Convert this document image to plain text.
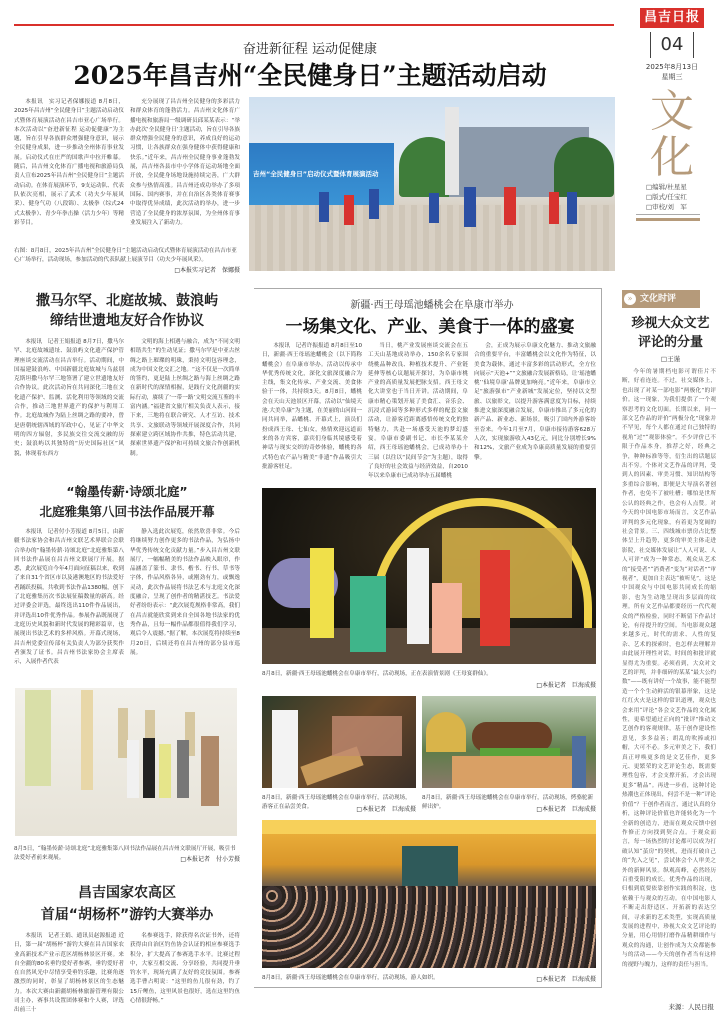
昌吉日报
04
2025年8月13日
星期三
文
化
□编辑/杜星星
□版式/任宝红
□审校/刘　军
奋进新征程 运动促健康
2025年昌吉州“全民健身日”主题活动启动
本报讯　实习记者保娜报道 8月8日，2025年昌吉州“全民健身日”主题活动启动仪式暨体育展演活动在昌吉市亚心广场举行。本次活动以“奋进新征程 运动促健康”为主题，旨在引导各族群众增强健身意识，展示全民健身成果，进一步推动全州体育事业发展。启动仪式在庄严的国歌声中拉开帷幕。随后，昌吉州文化体育广播电视和旅游局负责人宣布2025年昌吉州“全民健身日”主题活动启动。在体育展演环节，9支运动队、代表队依次亮相，展示了武术（功夫少年展风采）、健身气功（八段锦）、太极拳（综式24式太极拳）、青少年拳击操（活力少年）等精彩节目。
充分展现了昌吉州全民健身的多彩活力和群众体育的蓬勃活力。昌吉州文化体育广播电视和旅游局一级调研员邱某某表示：“举办此次‘全民健身日’主题活动，旨在引导各族群众增强全民健身的意识，养成良好的运动习惯，让各族群众在强身健体中获得健康和快乐。”近年来，昌吉州全民健身事业蓬勃发展，昌吉州各县市中小学体育运动场地全面开放，全民健身场地设施持续完善，广大群众参与热情高涨。昌吉州还成功举办了多项国际、国内赛事，并在自治区各类体育赛事中取得优异成绩，此次活动的举办，进一步营造了全民健身的浓厚氛围，为全州体育事业发展注入了新动力。
右图：8月8日，2025年昌吉州“全民健身日”主题活动启动仪式暨体育展演活动在昌吉市亚心广场举行，活动现场，参加活动的代表队献上展演节目（功夫少年展风采）。
□本报实习记者　保娜摄
吉州“全民健身日”启动仪式暨体育展演活动
撒马尔罕、北庭故城、鼓浪屿
缔结世遗地友好合作协议
本报讯　记者王娟报道 8月7日，撒马尔罕、北庭故城遗址、鼓浪屿文化遗产保护管理座谈交流活动在昌吉举行。活动期间，中国福建鼓浪屿、中国新疆北庭故城与乌兹别克斯坦撒马尔罕三地签署了建立世遗地友好合作协议。此次活动旨在共同深化三地在文化遗产保护、监测、活化利用等领域的交流合作，推动三地世界遗产的保护与利用工作。北庭故城作为陆上丝绸之路的要冲，曾是唐朝统辖西域的军政中心，见证了中华文明的四方辐射，多民族交往交流交融的历史；鼓浪屿以其独特的“历史国际社区”风貌，体现着东西方
文明的海上相遇与融合，成为“不同文明相谐共生”的生动见证；撒马尔罕是中亚古丝绸之路上璀璨的明珠，秉持文明包容理念，成为中国文化交汇之地。“这不仅是一次简单的签约，更是陆上丝绸之路与海上丝绸之路在新时代的深情相握，是践行文化润疆的实际行动，赓续了‘一带一路’文明交流互鉴的丰富内涵。”福建省文旅厅相关负责人表示，接下来，三地将在联合研究、人才互访、技术共享、文旅联动等领域开展深度合作，共同探索建立跨区域协作共推，特色活动共建，探索世界遗产保护和可持续文旅合作创新机制。
“翰墨传薪·诗颂北庭”
北庭雅集第八回书法作品展开幕
本报讯　记者付小芳报道 8月5日，由新疆书法家协会和昌吉州文联艺术界联合会联合举办的“翰墨传薪·诗颂北庭”北庭雅集第八回书法作品展在昌吉州文联展厅开展。据悉，此次展览自今年4月面向征稿以来，收到了来自31个省区市以及港澳地区的书法爱好者踊跃投稿，共收到书法作品1380幅，创下了北庭雅集历次书法展征稿数量的新高。经过评委会评选，最终选出110件作品展出，并评选出10件优秀作品。参展作品既展现了北庭历史风貌和新时代发展的精彩篇章，也展现出书法艺术的多样风格。开幕式现场，昌吉州党委宣传部有关负责人为部分获奖作者颁发了证书。昌吉州书法家协会主席表示，入展作者代表
静入选此次展览，依然欣喜非常。今后将继续努力创作更多的书法作品，为弘扬中华优秀传统文化贡献力量。”步入昌吉州文联展厅，一幅幅精美的书法作品映入眼帘，作品涵盖了篆书、隶书、楷书、行书、草书等字体，作品风格各异，或刚劲有力，或飘逸灵动，此次作品展将书法艺术与北庭文化深度融合，呈现了创作者的精湛技艺。书法爱好者纷纷表示：“此次展览规格非常高，我们在昌吉就能欣赏到来自全国各地书法家的优秀作品，且每一幅作品都很值得我们学习，观后令人震撼。”据了解，本次展览将持续至8月20日，后续还将在昌吉州的部分县市巡展。
8月5日，“翰墨传薪·诗颂北庭”北庭雅集第八回书法作品展在昌吉州文联展厅开展，吸引书法爱好者前来观展。	□本报记者　付小芳摄
昌吉国家农高区
首届“胡杨杯”游钓大赛举办
本报讯　记者王娟、通讯员赵源报道 近日，第一届“胡杨杯”游钓大赛在昌吉国家农业高新技术产业示范区胡杨林景区开赛。来自全疆的80名垂钓爱好者参赛，垂钓爱好者在自然风光中尽情享受垂钓乐趣，比赛角逐激烈的同时，彰显了胡杨林景区的生态魅力。本次大赛由新疆胡杨林旅游管理有限公司主办，赛事共设置团体赛和个人赛，评选出前三十
名参赛选手，除获得名次证书外，还将获得由自治区钓鱼协会认证的相应参赛选手积分，扩大提高了参赛选手水平。比赛过程中，大家互相交流、分享经验，共同提升垂钓水平，现场充满了友好的竞技氛围。参赛选手曹占明说：“这里的鱼儿很有劲，钓了15斤鲤鱼，这里风景也很好，选在这里钓鱼心情很舒畅。”
新疆·西王母瑶池蟠桃会在阜康市举办
一场集文化、产业、美食于一体的盛宴
本报讯　记者许振报道 8月8日至10日，新疆·西王母瑶池蟠桃会（以下简称蟠桃会）在阜康市举办。活动以传承中华优秀传统文化，深化文旅深度融合为主线，集文化传承、产业交流、美食体验于一体，共持续3天。8月8日，蟠桃会在天山天池景区开幕，活动以“仙境天池·大美阜康”为主题，在美丽的山河间一同共同举，品蟠桃、开幕式上，演员们扮成西王母、七仙女，热情欢迎远道而来的各方宾客，嘉宾们身临其境感受着神话与现实交织的奇妙体验，蟠桃的各式特色农产品与精美“非遗”作品吸引大批游客驻足。
当日，桃产业发展座谈交流会在五工天山基地成功举办，150余名专家围绕桃品种改良、种植技术提升、产业链延伸等核心议题展开探讨，为阜康市桃产业的高质量发展把脉支招。西王母文化大讲堂也于当日开讲。活动期间，阜康市精心策划开展了美食汇、音乐会、沉浸式游园等多种形式多样的配套文旅活动，让游客近距离感悟传统文化的独特魅力，共赴一场感受天池的梦幻盛宴。阜康市委副书记、市长李某某介绍，西王母瑶池蟠桃会，已成功举办十三届（以往以“民间节会”为主题），取得了良好的社会效益与经济效益，自2010年以来阜康市已成功举办五届蟠桃
会，正成为展示阜康文化魅力、推动文旅融合的重要平台，丰富蟠桃会以文化作为特征，以美食为载体，通过丰富多彩的活动形式，全方位向展示“天池+”“文旅融合发展新格局，让‘瑶池蟠桃’‘仙境阜康’品牌更加响亮。”近年来，阜康市立足“旅游强市”产业新城“发展定位，坚持以文塑旅、以旅彰文，以提升游客满意度为目标，持续推进文旅深度融合发展，阜康市推出了多元化的新产品、新业态、新场景，吸引了国内外游客纷至沓来。今年1月至7月，阜康市接待游客628万人次，实现旅游收入43亿元，同比分别增长9%和12%，文旅产业成为阜康高质量发展的重要引擎。
8月8日，新疆·西王母瑶池蟠桃会在阜康市举行，活动现场，正在表演情景剧《王母宴群仙》。
□本报记者　巨海成摄
8月8日，新疆·西王母瑶池蟠桃会在阜康市举行，活动现场，游客正在品尝美食。	□本报记者　巨海成摄
8月8日，新疆·西王母瑶池蟠桃会在阜康市举行，活动现场，烤骆驼新鲜出炉。	□本报记者　巨海成摄
8月8日，新疆·西王母瑶池蟠桃会在阜康市举行，活动现场，游人如织。	□本报记者　巨海成摄
文化时评
»
珍视大众文艺
评论的分量
□王谨
今年的暑期档电影可谓佳片不断，好看连连。不过，社交媒体上，也出现了对某一部电影“两极化”的评价。这一现象，为我们提供了一个观察思考的文化切面。长期以来，同一部文艺作品的评价“两极分化”现象并不罕见，每个人都在通过自己独特的视角“过”“观影体验”。不少评价已不限于作品本身，推荐之好，经典之争，种种标准等等，衍生出的话题层出不穷。个体对文艺作品的评判，受到人的因素、审美习惯、知识结构等多重综合影响，即便是大导演名著创作者，也免不了被吐槽；哪怕是世所公认的经典之作，也会有人点赞。对今天的中国电影市场而言，文艺作品评判的多元化现象，有着更为宽阔的社会背景。三、四线城市票房占比整体呈上升趋势，更多的审美主体走进影院，社交媒体发展让“人人可说、人人可评”成为一种常态，观众从艺术的“接受者”“消费者”变为“对话者”“审视者”，更加自主表达“被听见”，这是中国观众与中国电影共同成长的缩影，也为生动地呈现出多层面的纹理。所有文艺作品都要经历一代代观众的严格检验，同时不断留下作品讨论，有待提升的空间。当电影观众越来越多元，时代的需求、人性的复杂、艺术的探索时，也怎样去理解并由此展开理性对话，时间的和批评就显得尤为重要。必须看到，大众对文艺的评判，并非细碎的某某“最大公约数”——既有讲好一个故事，能不能塑造一个个生动鲜活的银幕形象，这是红红火火是这样的常识道理，观众也会来用“评论”各会文艺作品的文化属性，更希望通过正向的“批评”推动文艺创作的客观规律，基于创作建设性意见，多多益善；胡乱的吹捧或扣帽，大可不必。多元审美之下，我们真正呼唤更多的是文艺佳作，更多元、更繁荣的文艺评论生态，既需要理性包容，才会支撑开拓，才会出现更多“精品”。再进一步看，这种讨论热潮也正体现出，何尝不是一种“评论价值”？于创作者而言，通过认真的分析，这种评论价值也许能转化为一个全新的创造力，进而在观众反馈中创作修正方向找到契合点。于观众而言，每一场热烈的讨论都可以成为打破认知“茧房”的契机，进而打破自己的“先入之见”，尝试体会个人审美之外的新鲜风景。纵观高峰，必然经历百重受阻的成长。优秀作品的出现，归根到底要依靠创作实践的积淀，也依赖于与观众的互动。在中国电影人不断走出舒适区、开拓新的表达空间，寻求新的艺术类型，实现高质量发展的进程中，珍视大众文艺评论的分量，用心用情打磨作品精耕细作与观众的沟通，让创作成为大众都能参与的活动——今天的创作者当有这样的视野与魄力，这样的责任与担当。
来源：人民日报
